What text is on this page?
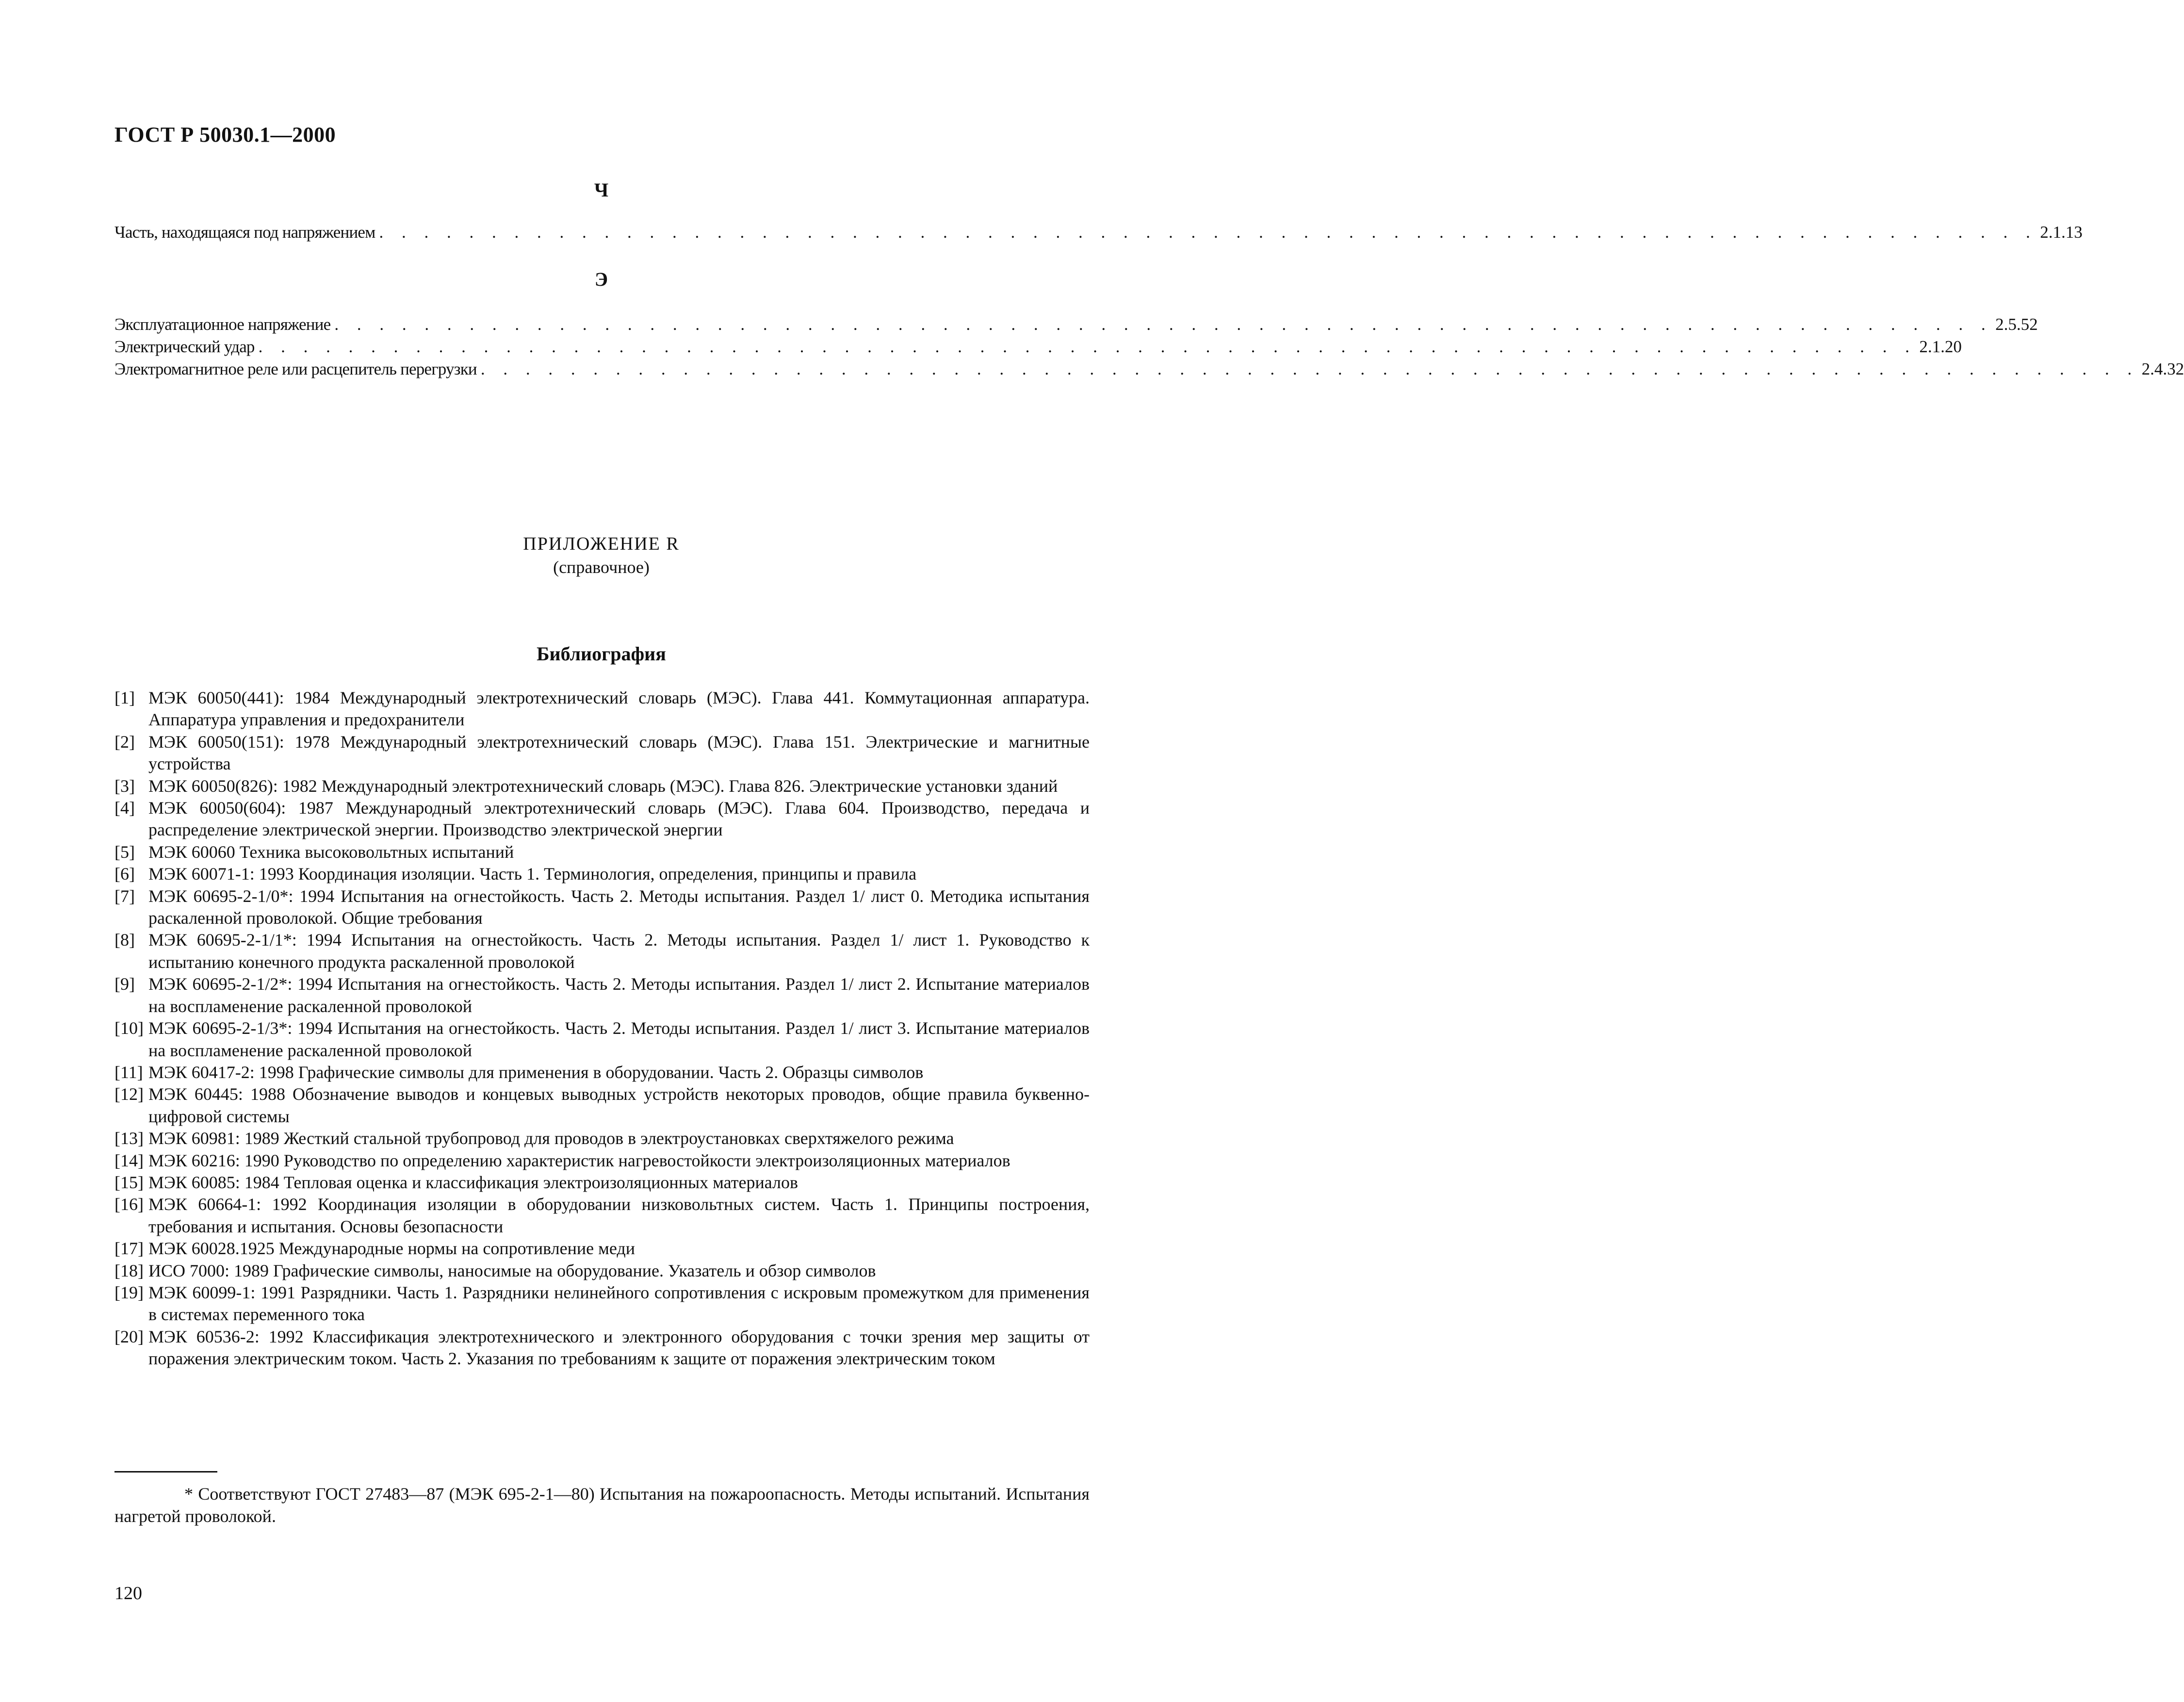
ГОСТ Р 50030.1—2000
Ч
Часть, находящаяся под напряжением . . . . . . . . . . . . . . . . . . . . . . . . . . . . . . . . . . . . . . . . . . . . . . . . . . . . . . . . . . . . . . . . . . . . . . . . . . 2.1.13
Э
Эксплуатационное напряжение . . . . . . . . . . . . . . . . . . . . . . . . . . . . . . . . . . . . . . . . . . . . . . . . . . . . . . . . . . . . . . . . . . . . . . . . . . 2.5.52
Электрический удар . . . . . . . . . . . . . . . . . . . . . . . . . . . . . . . . . . . . . . . . . . . . . . . . . . . . . . . . . . . . . . . . . . . . . . . . . . 2.1.20
Электромагнитное реле или расцепитель перегрузки . . . . . . . . . . . . . . . . . . . . . . . . . . . . . . . . . . . . . . . . . . . . . . . . . . . . . . . . . . . . . . . . . . . . . . . . . . 2.4.32
ПРИЛОЖЕНИЕ R
(справочное)
Библиография
[1] МЭК 60050(441): 1984 Международный электротехнический словарь (МЭС). Глава 441. Коммутационная аппаратура. Аппаратура управления и предохранители
[2] МЭК 60050(151): 1978 Международный электротехнический словарь (МЭС). Глава 151. Электрические и магнитные устройства
[3] МЭК 60050(826): 1982 Международный электротехнический словарь (МЭС). Глава 826. Электрические установки зданий
[4] МЭК 60050(604): 1987 Международный электротехнический словарь (МЭС). Глава 604. Производство, передача и распределение электрической энергии. Производство электрической энергии
[5] МЭК 60060 Техника высоковольтных испытаний
[6] МЭК 60071-1: 1993 Координация изоляции. Часть 1. Терминология, определения, принципы и правила
[7] МЭК 60695-2-1/0*: 1994 Испытания на огнестойкость. Часть 2. Методы испытания. Раздел 1/ лист 0. Методика испытания раскаленной проволокой. Общие требования
[8] МЭК 60695-2-1/1*: 1994 Испытания на огнестойкость. Часть 2. Методы испытания. Раздел 1/ лист 1. Руководство к испытанию конечного продукта раскаленной проволокой
[9] МЭК 60695-2-1/2*: 1994 Испытания на огнестойкость. Часть 2. Методы испытания. Раздел 1/ лист 2. Испытание материалов на воспламенение раскаленной проволокой
[10] МЭК 60695-2-1/3*: 1994 Испытания на огнестойкость. Часть 2. Методы испытания. Раздел 1/ лист 3. Испытание материалов на воспламенение раскаленной проволокой
[11] МЭК 60417-2: 1998 Графические символы для применения в оборудовании. Часть 2. Образцы символов
[12] МЭК 60445: 1988 Обозначение выводов и концевых выводных устройств некоторых проводов, общие правила буквенно-цифровой системы
[13] МЭК 60981: 1989 Жесткий стальной трубопровод для проводов в электроустановках сверхтяжелого режима
[14] МЭК 60216: 1990 Руководство по определению характеристик нагревостойкости электроизоляционных материалов
[15] МЭК 60085: 1984 Тепловая оценка и классификация электроизоляционных материалов
[16] МЭК 60664-1: 1992 Координация изоляции в оборудовании низковольтных систем. Часть 1. Принципы построения, требования и испытания. Основы безопасности
[17] МЭК 60028.1925 Международные нормы на сопротивление меди
[18] ИСО 7000: 1989 Графические символы, наносимые на оборудование. Указатель и обзор символов
[19] МЭК 60099-1: 1991 Разрядники. Часть 1. Разрядники нелинейного сопротивления с искровым промежутком для применения в системах переменного тока
[20] МЭК 60536-2: 1992 Классификация электротехнического и электронного оборудования с точки зрения мер защиты от поражения электрическим током. Часть 2. Указания по требованиям к защите от поражения электрическим током
* Соответствуют ГОСТ 27483—87 (МЭК 695-2-1—80) Испытания на пожароопасность. Методы испытаний. Испытания нагретой проволокой.
120
